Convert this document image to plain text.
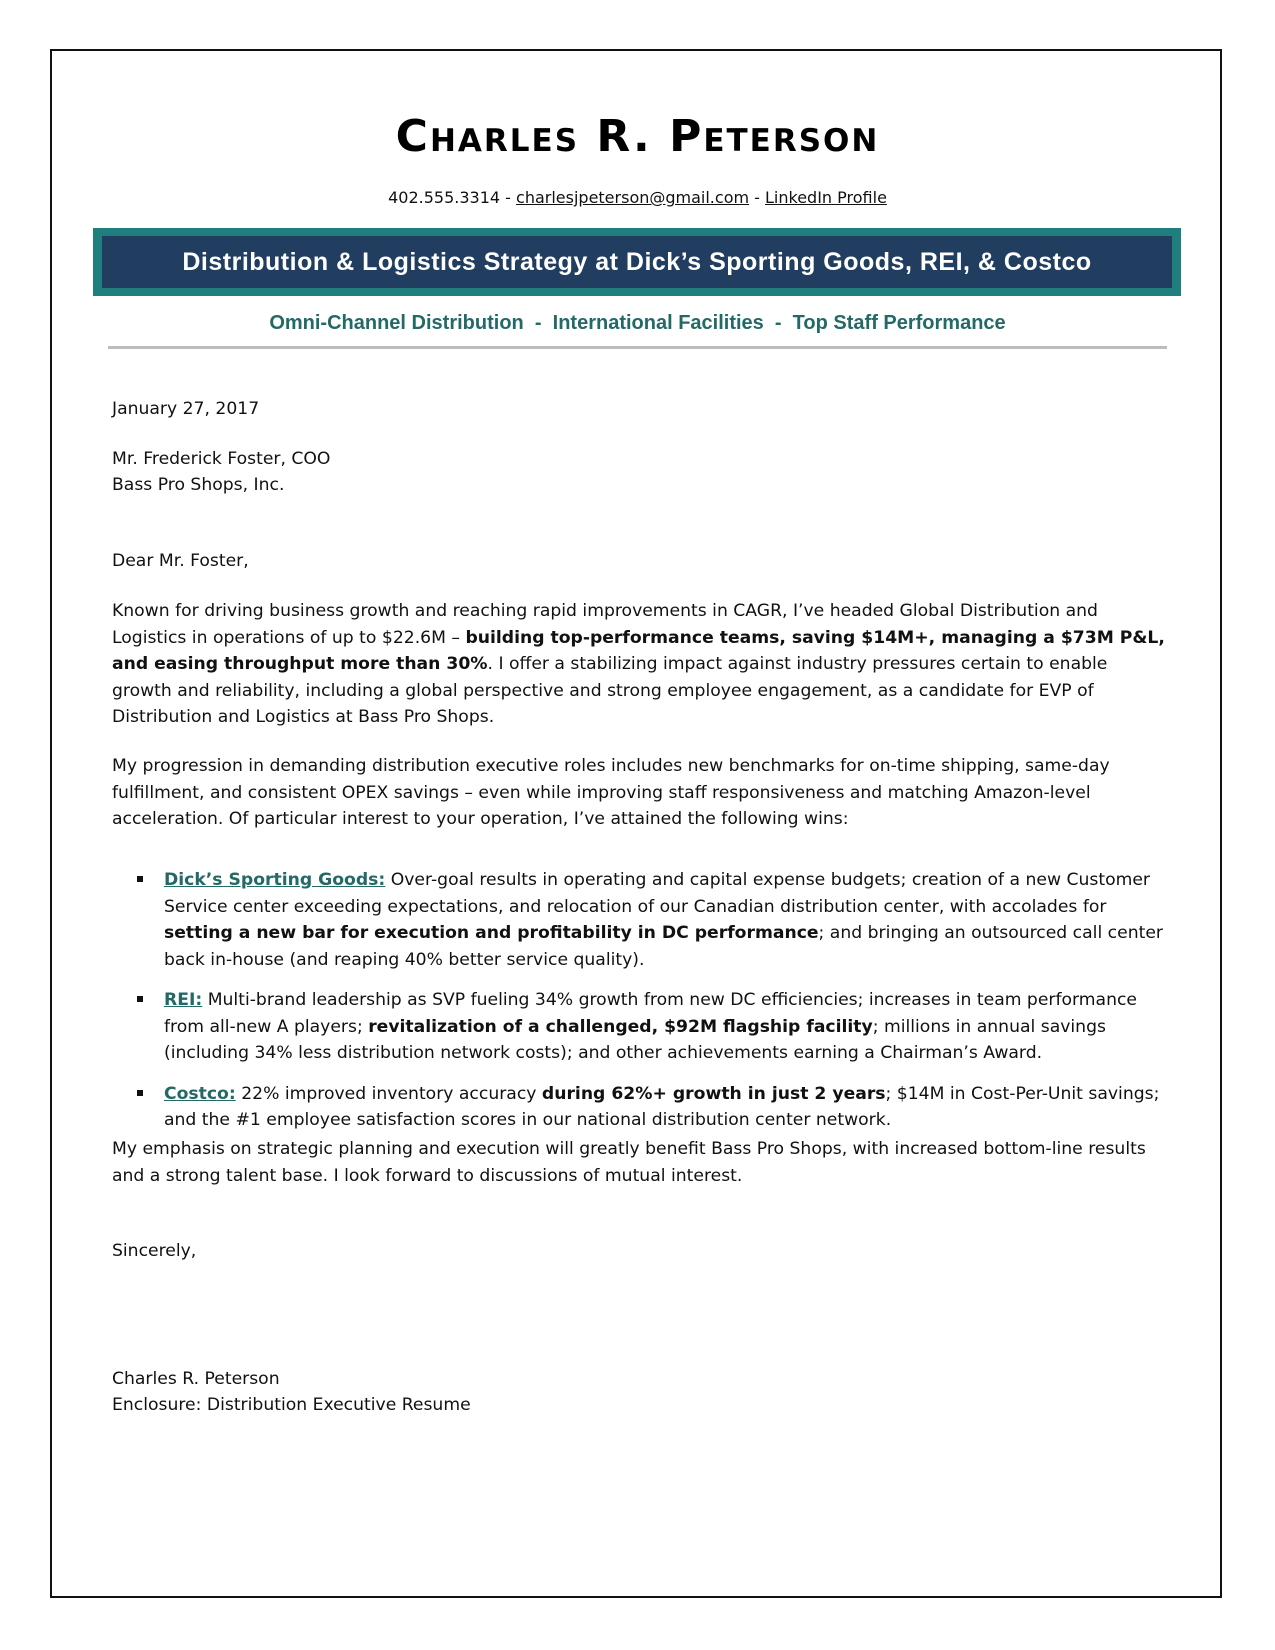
Charles R. Peterson
402.555.3314 - charlesjpeterson@gmail.com - LinkedIn Profile
Distribution & Logistics Strategy at Dick’s Sporting Goods, REI, & Costco
Omni-Channel Distribution  -  International Facilities  -  Top Staff Performance
January 27, 2017
Mr. Frederick Foster, COO
Bass Pro Shops, Inc.
Dear Mr. Foster,
Known for driving business growth and reaching rapid improvements in CAGR, I’ve headed Global Distribution and Logistics in operations of up to $22.6M – building top-performance teams, saving $14M+, managing a $73M P&L, and easing throughput more than 30%. I offer a stabilizing impact against industry pressures certain to enable growth and reliability, including a global perspective and strong employee engagement, as a candidate for EVP of Distribution and Logistics at Bass Pro Shops.
My progression in demanding distribution executive roles includes new benchmarks for on-time shipping, same-day fulfillment, and consistent OPEX savings – even while improving staff responsiveness and matching Amazon-level acceleration. Of particular interest to your operation, I’ve attained the following wins:
Dick’s Sporting Goods: Over-goal results in operating and capital expense budgets; creation of a new Customer Service center exceeding expectations, and relocation of our Canadian distribution center, with accolades for setting a new bar for execution and profitability in DC performance; and bringing an outsourced call center back in-house (and reaping 40% better service quality).
REI: Multi-brand leadership as SVP fueling 34% growth from new DC efficiencies; increases in team performance from all-new A players; revitalization of a challenged, $92M flagship facility; millions in annual savings (including 34% less distribution network costs); and other achievements earning a Chairman’s Award.
Costco: 22% improved inventory accuracy during 62%+ growth in just 2 years; $14M in Cost-Per-Unit savings; and the #1 employee satisfaction scores in our national distribution center network.
My emphasis on strategic planning and execution will greatly benefit Bass Pro Shops, with increased bottom-line results and a strong talent base. I look forward to discussions of mutual interest.
Sincerely,
Charles R. Peterson
Enclosure: Distribution Executive Resume
